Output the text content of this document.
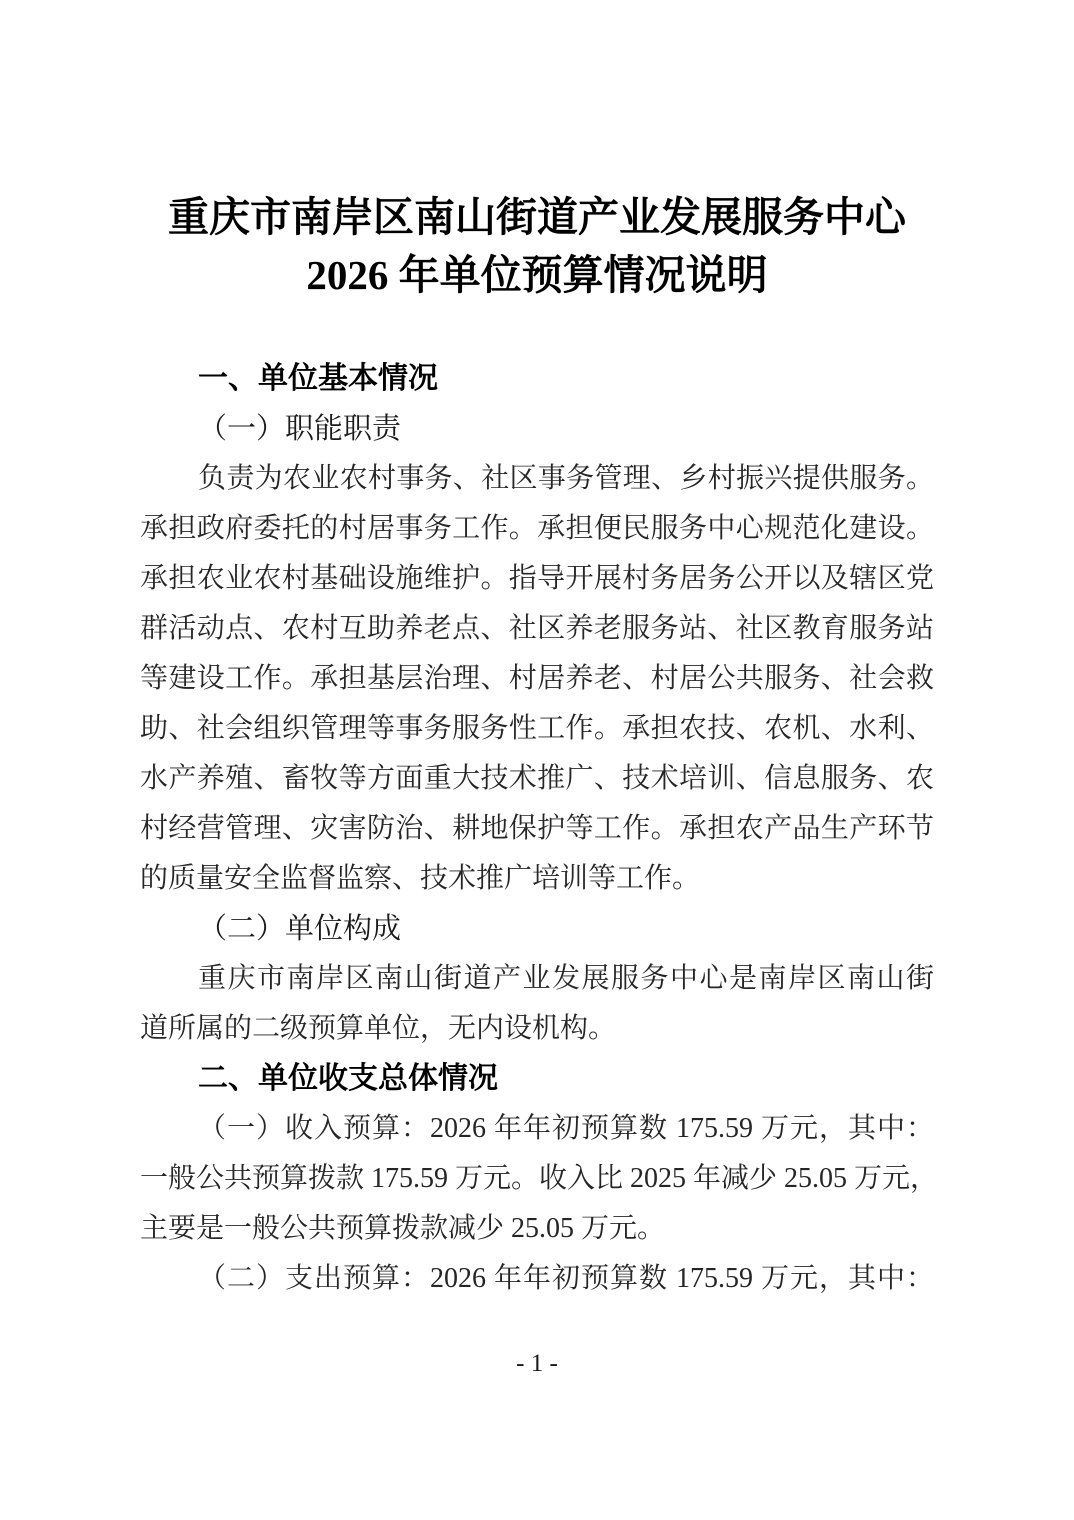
重庆市南岸区南山街道产业发展服务中心
2026 年单位预算情况说明
一、单位基本情况
（一）职能职责
负责为农业农村事务、社区事务管理、乡村振兴提供服务。
承担政府委托的村居事务工作。承担便民服务中心规范化建设。
承担农业农村基础设施维护。指导开展村务居务公开以及辖区党
群活动点、农村互助养老点、社区养老服务站、社区教育服务站
等建设工作。承担基层治理、村居养老、村居公共服务、社会救
助、社会组织管理等事务服务性工作。承担农技、农机、水利、
水产养殖、畜牧等方面重大技术推广、技术培训、信息服务、农
村经营管理、灾害防治、耕地保护等工作。承担农产品生产环节
的质量安全监督监察、技术推广培训等工作。
（二）单位构成
重庆市南岸区南山街道产业发展服务中心是南岸区南山街
道所属的二级预算单位，无内设机构。
二、单位收支总体情况
（一）收入预算：2026 年年初预算数 175.59 万元，其中：
一般公共预算拨款 175.59 万元。收入比 2025 年减少 25.05 万元，
主要是一般公共预算拨款减少 25.05 万元。
（二）支出预算：2026 年年初预算数 175.59 万元，其中：
- 1 -
